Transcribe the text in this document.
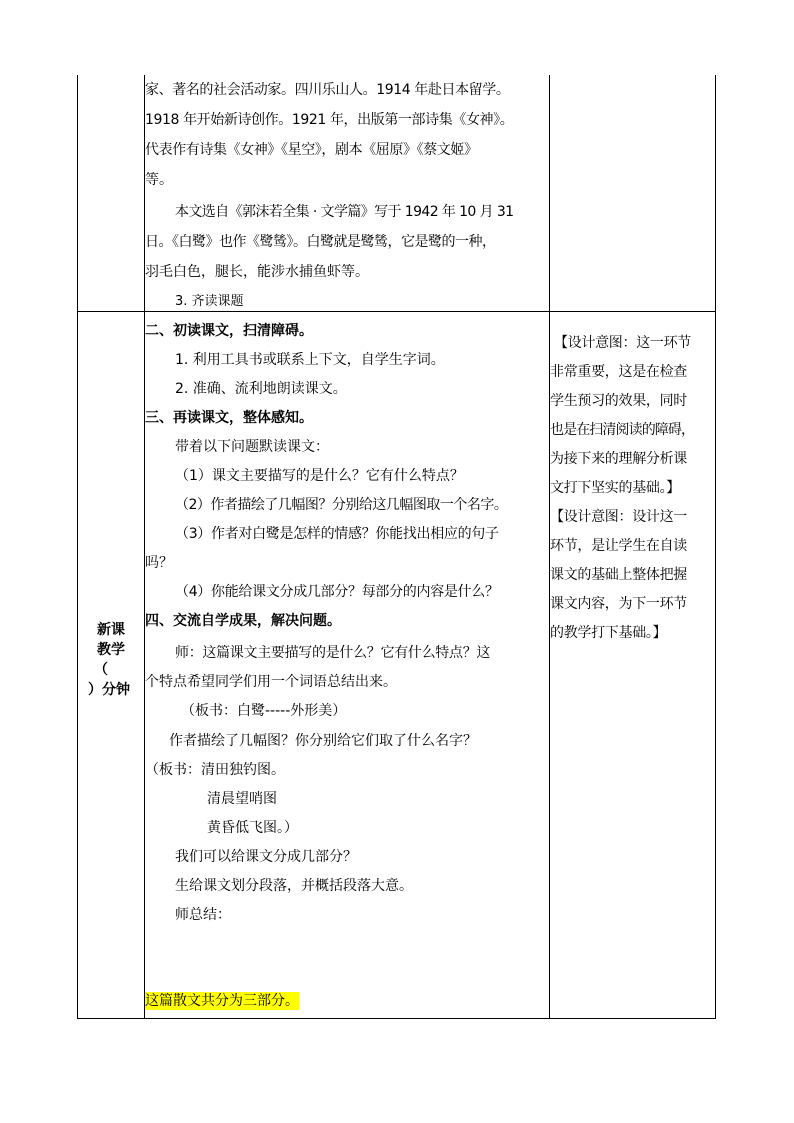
家、著名的社会活动家。四川乐山人。1914 年赴日本留学。
1918 年开始新诗创作。1921 年，出版第一部诗集《女神》。
代表作有诗集《女神》《星空》，剧本《屈原》《蔡文姬》
等。
本文选自《郭沫若全集 · 文学篇》写于 1942 年 10 月 31
日。《白鹭》也作《鹭鸶》。白鹭就是鹭鸶，它是鹭的一种，
羽毛白色，腿长，能涉水捕鱼虾等。
3. 齐读课题
新课
教学
（
）分钟
二、初读课文，扫清障碍。
1. 利用工具书或联系上下文，自学生字词。
2. 准确、流利地朗读课文。
三、再读课文，整体感知。
带着以下问题默读课文：
（1）课文主要描写的是什么？它有什么特点？
（2）作者描绘了几幅图？分别给这几幅图取一个名字。
（3）作者对白鹭是怎样的情感？你能找出相应的句子
吗？
（4）你能给课文分成几部分？每部分的内容是什么？
四、交流自学成果，解决问题。
师：这篇课文主要描写的是什么？它有什么特点？这
个特点希望同学们用一个词语总结出来。
（板书：白鹭-----外形美）
作者描绘了几幅图？你分别给它们取了什么名字？
（板书：清田独钓图。
清晨望哨图
黄昏低飞图。）
我们可以给课文分成几部分？
生给课文划分段落，并概括段落大意。
师总结：
这篇散文共分为三部分。
【设计意图：这一环节
非常重要，这是在检查
学生预习的效果，同时
也是在扫清阅读的障碍，
为接下来的理解分析课
文打下坚实的基础。】
【设计意图：设计这一
环节，是让学生在自读
课文的基础上整体把握
课文内容，为下一环节
的教学打下基础。】
